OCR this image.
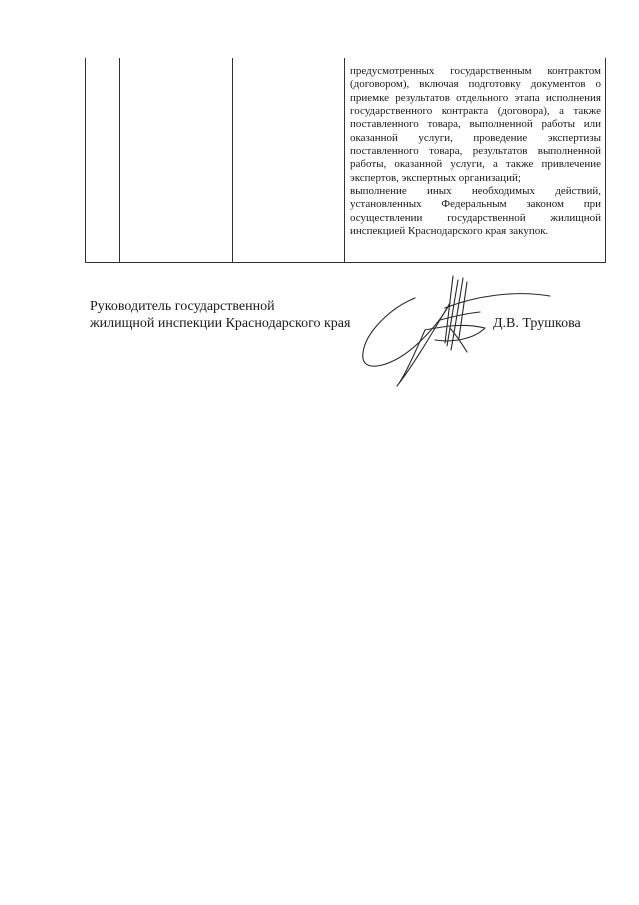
предусмотренных государственным контрактом (договором), включая подготовку документов о приемке результатов отдельного этапа исполнения государственного контракта (договора), а также поставленного товара, выполненной работы или оказанной услуги, проведение экспертизы поставленного товара, результатов выполненной работы, оказанной услуги, а также привлечение экспертов, экспертных организаций;

выполнение иных необходимых действий, установленных Федеральным законом при осуществлении государственной жилищной инспекцией Краснодарского края закупок.

Руководитель государственной
жилищной инспекции Краснодарского края	Д.В. Трушкова
